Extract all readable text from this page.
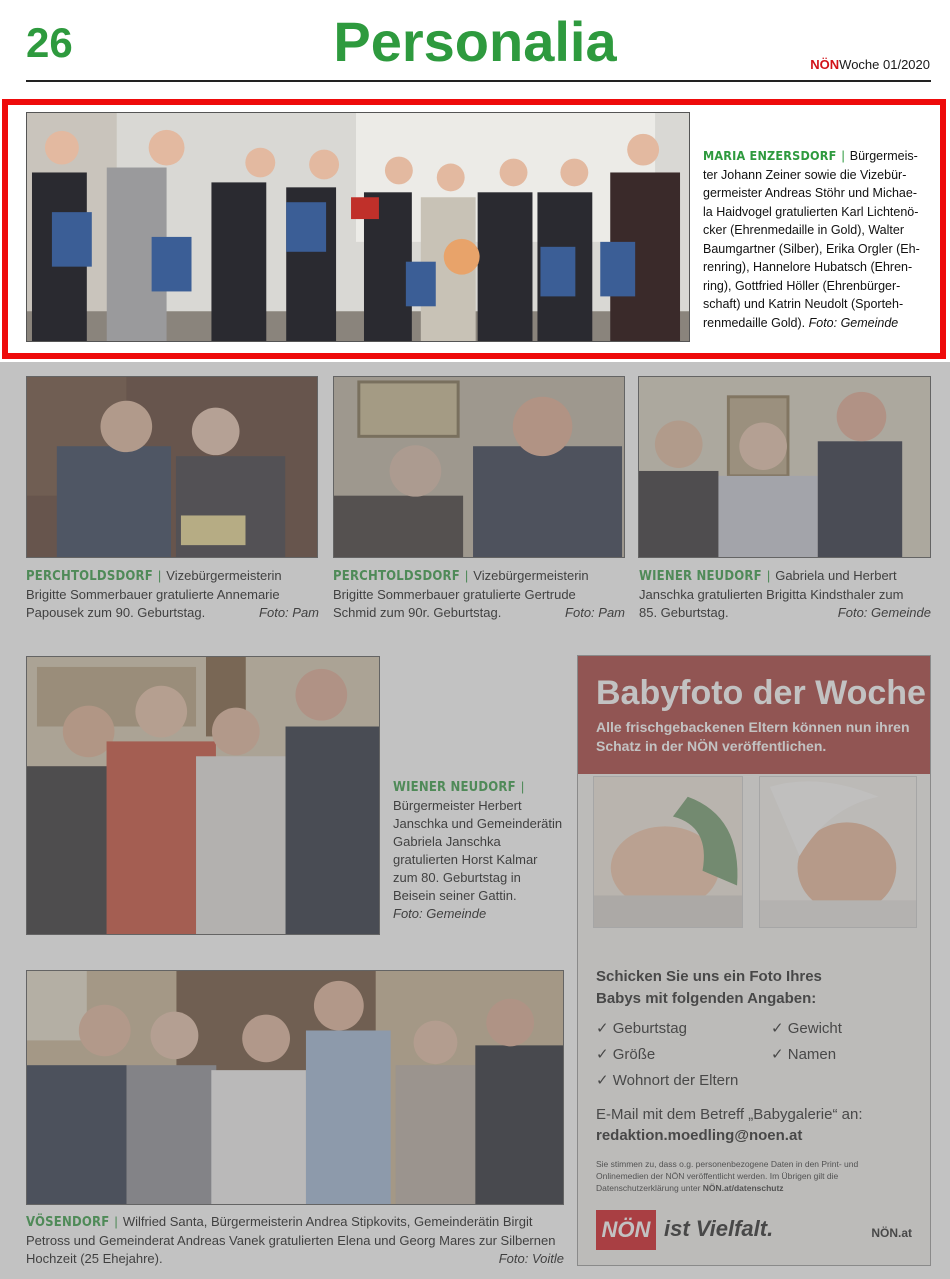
26	Personalia	NÖNWoche 01/2020
MARIA ENZERSDORF | Bürgermeis-
ter Johann Zeiner sowie die Vizebür-
germeister Andreas Stöhr und Michae-
la Haidvogel gratulierten Karl Lichtenö-
cker (Ehrenmedaille in Gold), Walter
Baumgartner (Silber), Erika Orgler (Eh-
renring), Hannelore Hubatsch (Ehren-
ring), Gottfried Höller (Ehrenbürger-
schaft) und Katrin Neudolt (Sporteh-
renmedaille Gold). Foto: Gemeinde
PERCHTOLDSDORF | Vizebürgermeisterin
Brigitte Sommerbauer gratulierte Annemarie
Papousek zum 90. Geburtstag.	Foto: Pam
PERCHTOLDSDORF | Vizebürgermeisterin
Brigitte Sommerbauer gratulierte Gertrude
Schmid zum 90r. Geburtstag.	Foto: Pam
WIENER NEUDORF | Gabriela und Herbert
Janschka gratulierten Brigitta Kindsthaler zum
85. Geburtstag.	Foto: Gemeinde
WIENER NEUDORF |
Bürgermeister Herbert
Janschka und Gemeinderätin
Gabriela Janschka
gratulierten Horst Kalmar
zum 80. Geburtstag in
Beisein seiner Gattin.
Foto: Gemeinde
VÖSENDORF | Wilfried Santa, Bürgermeisterin Andrea Stipkovits, Gemeinderätin Birgit
Petross und Gemeinderat Andreas Vanek gratulierten Elena und Georg Mares zur Silbernen
Hochzeit (25 Ehejahre).	Foto: Voitle
Babyfoto der Woche
Alle frischgebackenen Eltern können nun ihren Schatz in der NÖN veröffentlichen.
Schicken Sie uns ein Foto Ihres
Babys mit folgenden Angaben:
✓ Geburtstag	✓ Gewicht
✓ Größe	✓ Namen
✓ Wohnort der Eltern
E-Mail mit dem Betreff „Babygalerie“ an:
redaktion.moedling@noen.at
Sie stimmen zu, dass o.g. personenbezogene Daten in den Print- und
Onlinemedien der NÖN veröffentlicht werden. Im Übrigen gilt die
Datenschutzerklärung unter NÖN.at/datenschutz
NÖN ist Vielfalt.	NÖN.at
